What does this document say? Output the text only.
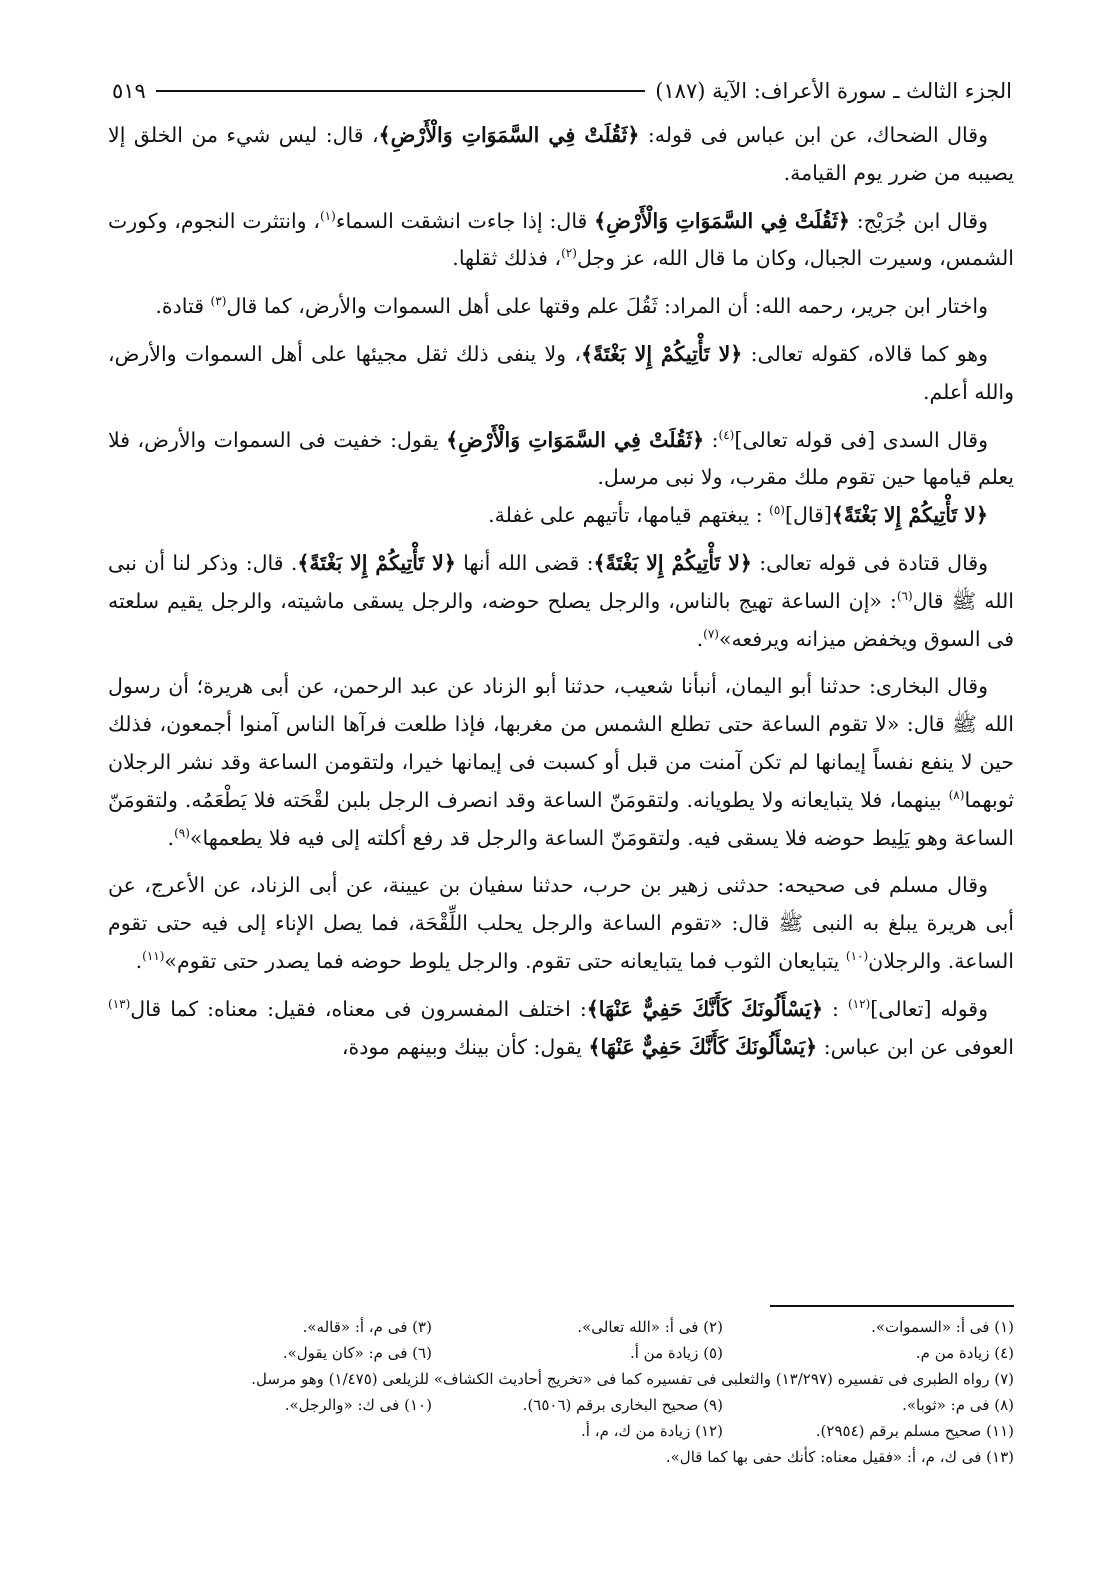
الجزء الثالث ـ سورة الأعراف: الآية (١٨٧)
٥١٩

وقال الضحاك، عن ابن عباس فى قوله: ﴿ثَقُلَتْ فِي السَّمَوَاتِ وَالْأَرْضِ﴾، قال: ليس شيء من الخلق إلا يصيبه من ضرر يوم القيامة.

وقال ابن جُرَيْج: ﴿ثَقُلَتْ فِي السَّمَوَاتِ وَالْأَرْضِ﴾ قال: إذا جاءت انشقت السماء$^{(١)}$، وانتثرت النجوم، وكورت الشمس، وسيرت الجبال، وكان ما قال الله، عز وجل$^{(٢)}$، فذلك ثقلها.

واختار ابن جرير، رحمه الله: أن المراد: ثَقُلَ علم وقتها على أهل السموات والأرض، كما قال$^{(٣)}$ قتادة.

وهو كما قالاه، كقوله تعالى: ﴿لا تَأْتِيكُمْ إِلا بَغْتَةً﴾، ولا ينفى ذلك ثقل مجيئها على أهل السموات والأرض، والله أعلم.

وقال السدى [فى قوله تعالى]$^{(٤)}$: ﴿ثَقُلَتْ فِي السَّمَوَاتِ وَالْأَرْضِ﴾ يقول: خفيت فى السموات والأرض، فلا يعلم قيامها حين تقوم ملك مقرب، ولا نبى مرسل.

﴿لا تَأْتِيكُمْ إِلا بَغْتَةً﴾[قال]$^{(٥)}$ : يبغتهم قيامها، تأتيهم على غفلة.

وقال قتادة فى قوله تعالى: ﴿لا تَأْتِيكُمْ إِلا بَغْتَةً﴾: قضى الله أنها ﴿لا تَأْتِيكُمْ إِلا بَغْتَةً﴾. قال: وذكر لنا أن نبى الله ﷺ قال$^{(٦)}$: «إن الساعة تهيج بالناس، والرجل يصلح حوضه، والرجل يسقى ماشيته، والرجل يقيم سلعته فى السوق ويخفض ميزانه ويرفعه»$^{(٧)}$.

وقال البخارى: حدثنا أبو اليمان، أنبأنا شعيب، حدثنا أبو الزناد عن عبد الرحمن، عن أبى هريرة؛ أن رسول الله ﷺ قال: «لا تقوم الساعة حتى تطلع الشمس من مغربها، فإذا طلعت فرآها الناس آمنوا أجمعون، فذلك حين لا ينفع نفساً إيمانها لم تكن آمنت من قبل أو كسبت فى إيمانها خيرا، ولتقومن الساعة وقد نشر الرجلان ثوبهما$^{(٨)}$ بينهما، فلا يتبايعانه ولا يطويانه. ولتقومَنّ الساعة وقد انصرف الرجل بلبن لقْحَته فلا يَطْعَمُه. ولتقومَنّ الساعة وهو يَلِيط حوضه فلا يسقى فيه. ولتقومَنّ الساعة والرجل قد رفع أكلته إلى فيه فلا يطعمها»$^{(٩)}$.

وقال مسلم فى صحيحه: حدثنى زهير بن حرب، حدثنا سفيان بن عيينة، عن أبى الزناد، عن الأعرج، عن أبى هريرة يبلغ به النبى ﷺ قال: «تقوم الساعة والرجل يحلب اللِّقْحَة، فما يصل الإناء إلى فيه حتى تقوم الساعة. والرجلان$^{(١٠)}$ يتبايعان الثوب فما يتبايعانه حتى تقوم. والرجل يلوط حوضه فما يصدر حتى تقوم»$^{(١١)}$.

وقوله [تعالى]$^{(١٢)}$ : ﴿يَسْأَلُونَكَ كَأَنَّكَ حَفِيٌّ عَنْهَا﴾: اختلف المفسرون فى معناه، فقيل: معناه: كما قال$^{(١٣)}$ العوفى عن ابن عباس: ﴿يَسْأَلُونَكَ كَأَنَّكَ حَفِيٌّ عَنْهَا﴾ يقول: كأن بينك وبينهم مودة،

(١) فى أ: «السموات».
(٢) فى أ: «الله تعالى».
(٣) فى م، أ: «قاله».
(٤) زيادة من م.
(٥) زيادة من أ.
(٦) فى م: «كان يقول».
(٧) رواه الطبرى فى تفسيره (١٣/٢٩٧) والثعلبى فى تفسيره كما فى «تخريج أحاديث الكشاف» للزيلعى (١/٤٧٥) وهو مرسل.
(٨) فى م: «ثوبا».
(٩) صحيح البخارى برقم (٦٥٠٦).
(١٠) فى ك: «والرجل».
(١١) صحيح مسلم برقم (٢٩٥٤).
(١٢) زيادة من ك، م، أ.
(١٣) فى ك، م، أ: «فقيل معناه: كأنك حفى بها كما قال».
